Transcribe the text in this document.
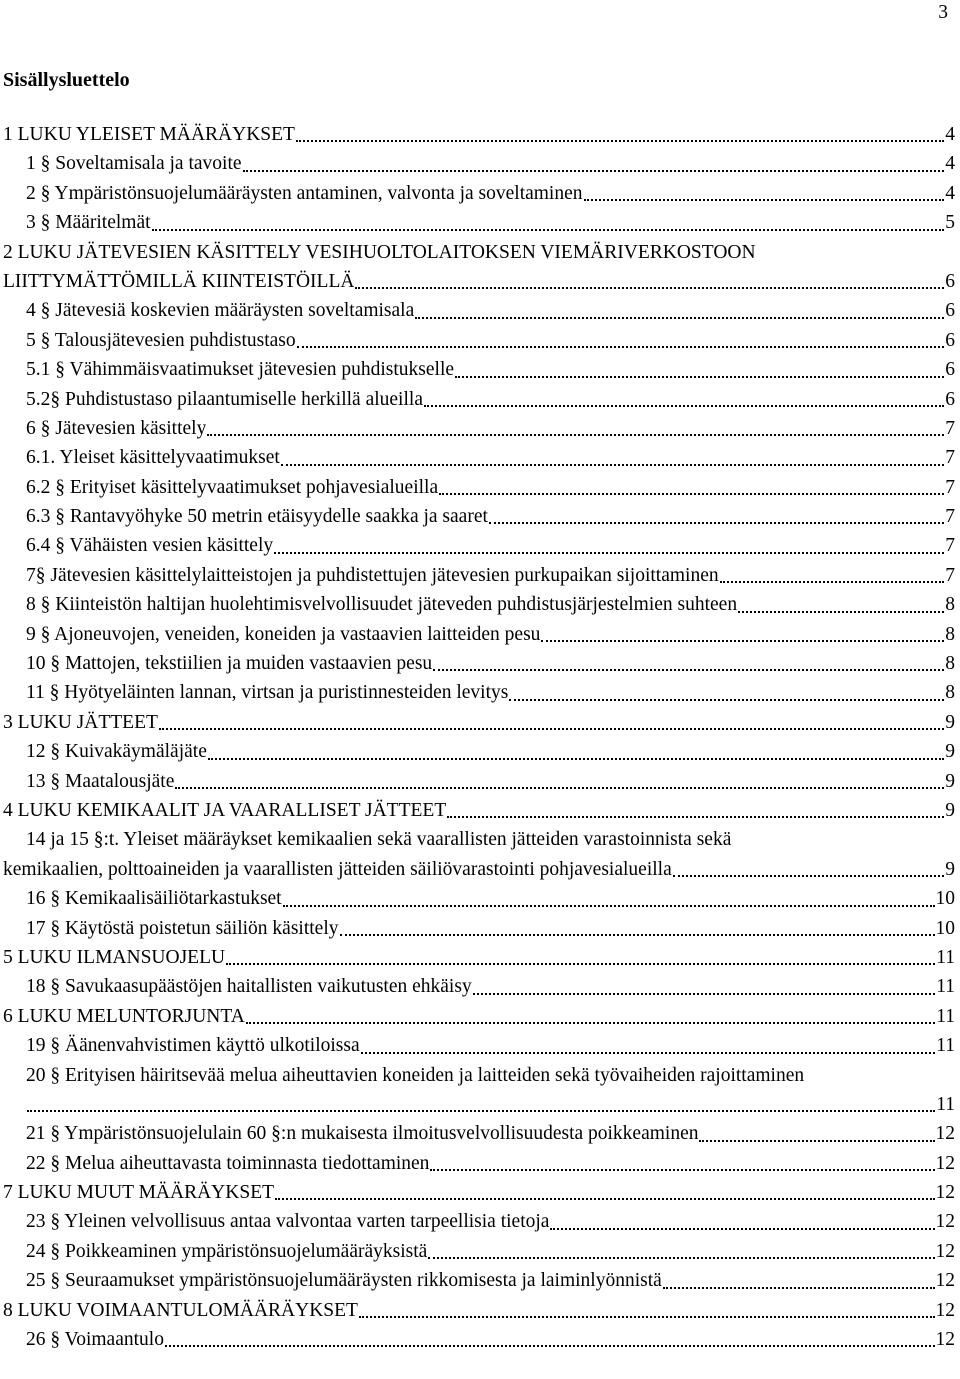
3
Sisällysluettelo
1 LUKU YLEISET MÄÄRÄYKSET	4
1 § Soveltamisala ja tavoite	4
2 § Ympäristönsuojelumääräysten antaminen, valvonta ja soveltaminen	4
3 § Määritelmät	5
2 LUKU JÄTEVESIEN KÄSITTELY VESIHUOLTOLAITOKSEN VIEMÄRIVERKOSTOON
LIITTYMÄTTÖMILLÄ KIINTEISTÖILLÄ	6
4 § Jätevesiä koskevien määräysten soveltamisala	6
5 § Talousjätevesien puhdistustaso	6
5.1 § Vähimmäisvaatimukset jätevesien puhdistukselle	6
5.2§ Puhdistustaso pilaantumiselle herkillä alueilla	6
6 § Jätevesien käsittely	7
6.1. Yleiset käsittelyvaatimukset	7
6.2 § Erityiset käsittelyvaatimukset pohjavesialueilla	7
6.3 § Rantavyöhyke 50 metrin etäisyydelle saakka ja saaret	7
6.4 § Vähäisten vesien käsittely	7
7§ Jätevesien käsittelylaitteistojen ja puhdistettujen jätevesien purkupaikan sijoittaminen	7
8 § Kiinteistön haltijan huolehtimisvelvollisuudet jäteveden puhdistusjärjestelmien suhteen	8
9 § Ajoneuvojen, veneiden, koneiden ja vastaavien laitteiden pesu	8
10 § Mattojen, tekstiilien ja muiden vastaavien pesu	8
11 § Hyötyeläinten lannan, virtsan ja puristinnesteiden levitys	8
3 LUKU JÄTTEET	9
12 § Kuivakäymäläjäte	9
13 § Maatalousjäte	9
4 LUKU KEMIKAALIT JA VAARALLISET JÄTTEET	9
14 ja 15 §:t. Yleiset määräykset kemikaalien sekä vaarallisten jätteiden varastoinnista sekä
kemikaalien, polttoaineiden ja vaarallisten jätteiden säiliövarastointi pohjavesialueilla	9
16 § Kemikaalisäiliötarkastukset	10
17 § Käytöstä poistetun säiliön käsittely	10
5 LUKU ILMANSUOJELU	11
18 § Savukaasupäästöjen haitallisten vaikutusten ehkäisy	11
6 LUKU MELUNTORJUNTA	11
19 § Äänenvahvistimen käyttö ulkotiloissa	11
20 § Erityisen häiritsevää melua aiheuttavien koneiden ja laitteiden sekä työvaiheiden rajoittaminen
11
21 § Ympäristönsuojelulain 60 §:n mukaisesta ilmoitusvelvollisuudesta poikkeaminen	12
22 § Melua aiheuttavasta toiminnasta tiedottaminen	12
7 LUKU MUUT MÄÄRÄYKSET	12
23 § Yleinen velvollisuus antaa valvontaa varten tarpeellisia tietoja	12
24 § Poikkeaminen ympäristönsuojelumääräyksistä	12
25 § Seuraamukset ympäristönsuojelumääräysten rikkomisesta ja laiminlyönnistä	12
8 LUKU VOIMAANTULOMÄÄRÄYKSET	12
26 § Voimaantulo	12
